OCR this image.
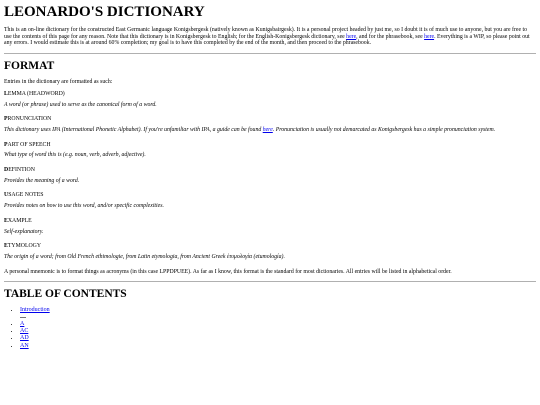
LEONARDO'S DICTIONARY

This is an on-line dictionary for the constructed East Germanic language Konigsbergesk (natively known as Kunigsbairgesk). It is a personal project headed by just me, so I doubt it is of much use to anyone, but you are free to use the contents of this page for any reason. Note that this dictionary is in Konigsbergesk to English; for the English-Konigsbergesk dictionary, see here, and for the phrasebook, see here. Everything is a WIP, so please point out any errors. I would estimate this is at around 60% completion; my goal is to have this completed by the end of the month, and then proceed to the phrasebook.

FORMAT

Entries in the dictionary are formatted as such:

LEMMA (HEADWORD)
A word (or phrase) used to serve as the canonical form of a word.
PRONUNCIATION
This dictionary uses IPA (International Phonetic Alphabet). If you're unfamiliar with IPA, a guide can be found here. Pronunciation is usually not demarcated as Konigsbergesk has a simple pronunciation system.
PART OF SPEECH
What type of word this is (e.g. noun, verb, adverb, adjective).
DEFINTION
Provides the meaning of a word.
USAGE NOTES
Provides notes on how to use this word, and/or specific complexities.
EXAMPLE
Self-explanatory.
ETYMOLOGY
The origin of a word; from Old French ethimologie, from Latin etymologia, from Ancient Greek ἐτυμολογία (etumología).

A personal mnemonic is to format things as acronyms (in this case LPPDPUEE). As far as I know, this format is the standard for most dictionaries. All entries will be listed in alphabetical order.

TABLE OF CONTENTS
• Introduction
• A
• AC
• AD
• AN
